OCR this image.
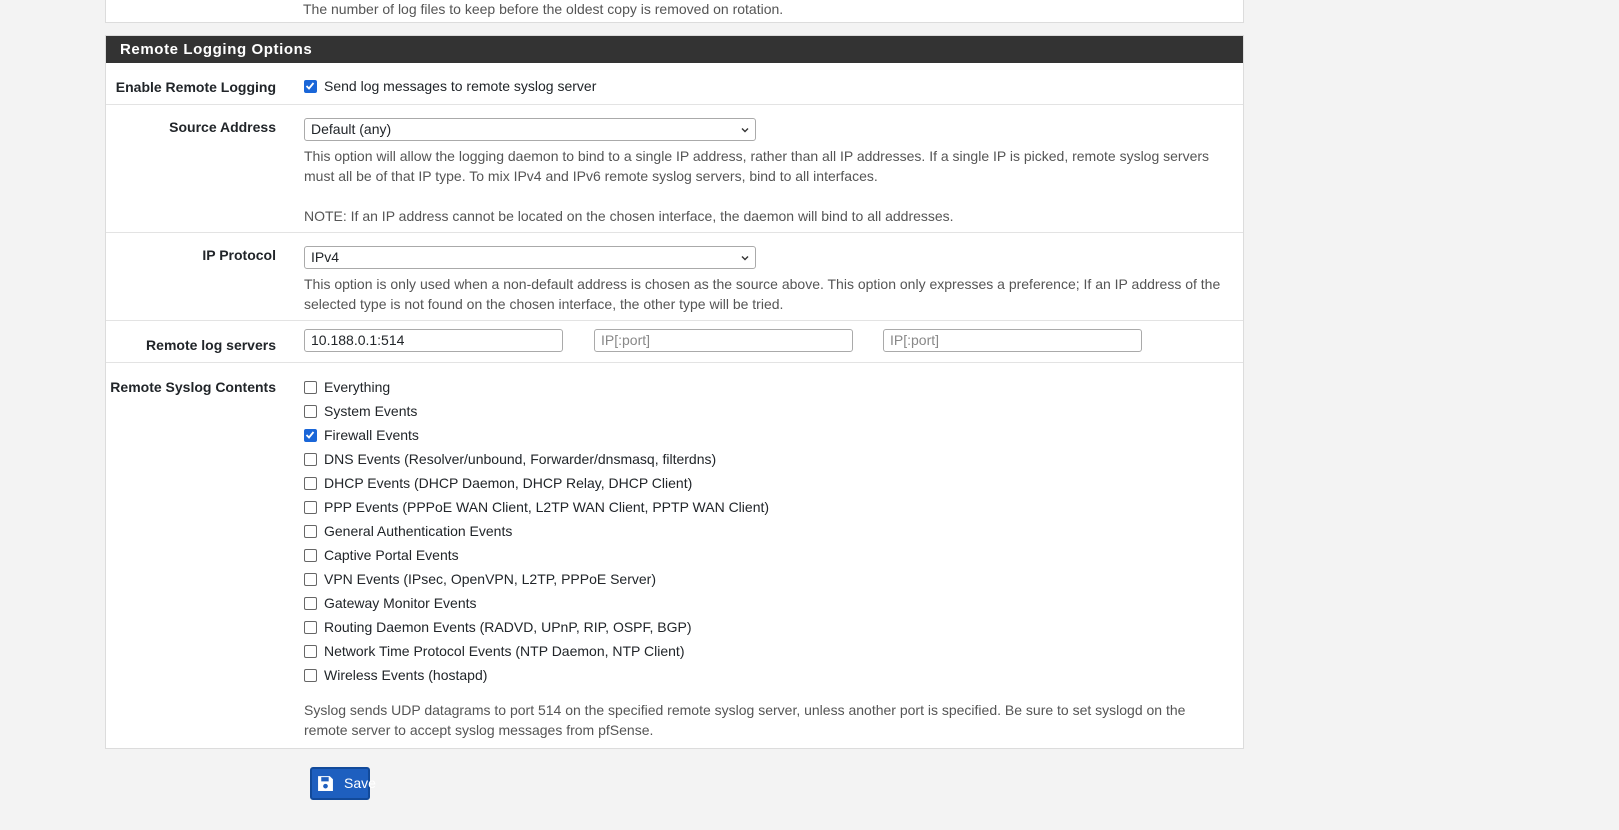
The number of log files to keep before the oldest copy is removed on rotation.
Remote Logging Options
Enable Remote Logging	Send log messages to remote syslog server
Source Address	Default (any)
This option will allow the logging daemon to bind to a single IP address, rather than all IP addresses. If a single IP is picked, remote syslog servers must all be of that IP type. To mix IPv4 and IPv6 remote syslog servers, bind to all interfaces.
NOTE: If an IP address cannot be located on the chosen interface, the daemon will bind to all addresses.
IP Protocol	IPv4
This option is only used when a non-default address is chosen as the source above. This option only expresses a preference; If an IP address of the selected type is not found on the chosen interface, the other type will be tried.
Remote log servers	10.188.0.1:514	IP[:port]	IP[:port]
Remote Syslog Contents	Everything
System Events
Firewall Events
DNS Events (Resolver/unbound, Forwarder/dnsmasq, filterdns)
DHCP Events (DHCP Daemon, DHCP Relay, DHCP Client)
PPP Events (PPPoE WAN Client, L2TP WAN Client, PPTP WAN Client)
General Authentication Events
Captive Portal Events
VPN Events (IPsec, OpenVPN, L2TP, PPPoE Server)
Gateway Monitor Events
Routing Daemon Events (RADVD, UPnP, RIP, OSPF, BGP)
Network Time Protocol Events (NTP Daemon, NTP Client)
Wireless Events (hostapd)
Syslog sends UDP datagrams to port 514 on the specified remote syslog server, unless another port is specified. Be sure to set syslogd on the remote server to accept syslog messages from pfSense.
Save
